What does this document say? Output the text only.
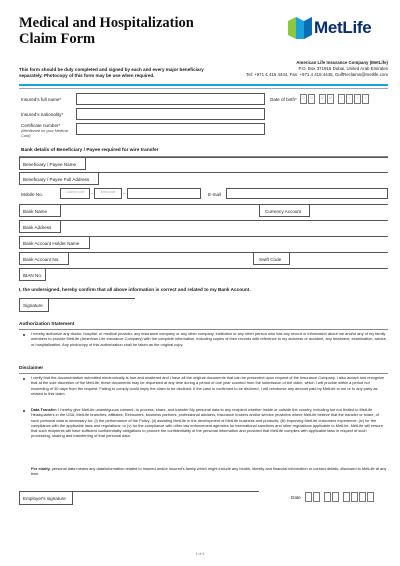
Medical and Hospitalization
Claim Form
MetLife
This form should be duly completed and signed by each and every major beneficiary separately. Photocopy of this form may be use when required.
American Life Insurance Company (MetLife)
P.O. Box 371916 Dubai, United Arab Emirates
Tel: +971 4 415 4444, Fax: +971 4 415 4445, GulfReclaims@metlife.com
Insured's full name*	Date of birth*	D	D	M	M	Y	Y	Y	Y
Insured's nationality*
Certificate number*
(Mentioned on your Medical Card)
Bank details of Beneficiary / Payee required for wire transfer
Beneficiary / Payee Name
Beneficiary / Payee Full Address
Mobile No.	Country code	–	Area code	–	E-mail
Bank Name	Currency Account
Bank Address
Bank Account Holder Name
Bank Account No.	Swift Code
IBAN No.
I, the undersigned, hereby confirm that all above information is correct and related to my Bank Account.
Signature
Authorization Statement
I hereby authorize any doctor, hospital, or medical provider, any insurance company or any other company, institution or any other person who has any record or information about me and/or any of my family members to provide MetLife (American Life Insurance Company) with the complete information, including copies of their records with reference to my sickness or accident, any treatment, examination, advice, or hospitalization. Any photocopy of this authorization shall be taken as the original copy.
Disclaimer
I verify that the documentation submitted electronically is true and unaltered and I have all the original documents that can be presented upon request of the Insurance Company. I also accept and recognize that at the sole discretion of the MetLife, these documents may be requested at any time during a period of one year counted from the submission of the claim, which I will provide within a period not exceeding of 30 days from the request. Failing to comply could imply the claim to be declined. If the case is confirmed to be declined, I will reimburse any amount paid by MetLife to me or to any party as related to this claim.
Data Transfer: I hereby give MetLife unambiguous consent, to process, share, and transfer My personal data to any recipient whether inside or outside the country, including but not limited to MetLife Headquarters in the USA, MetLife branches, affiliates, Reinsurers, business partners, professional advisers, insurance brokers and/or service providers where MetLife believe that the transfer or share, of such personal data is necessary for: (i) the performance of the Policy; (ii) assisting MetLife in the development of MetLife business and products; (iii) improving MetLife customers experience; (iv) for the compliance with the applicable laws and regulations; or (v) for the compliance with other law enforcement agencies for international sanctions and other regulations applicable to MetLife. MetLife will ensure that such recipients will have sufficient confidentiality obligations to procure the confidentiality of the personal information and provided that MetLife complies with applicable laws in respect of such processing, sharing and transferring of that personal data.
For clarity, personal data means any data/information related to Insured and/or Insured's family which might include any health, identity and financial information or contact details, disclosed to MetLife at any time.
Employer's signature	Date
1 of 2
